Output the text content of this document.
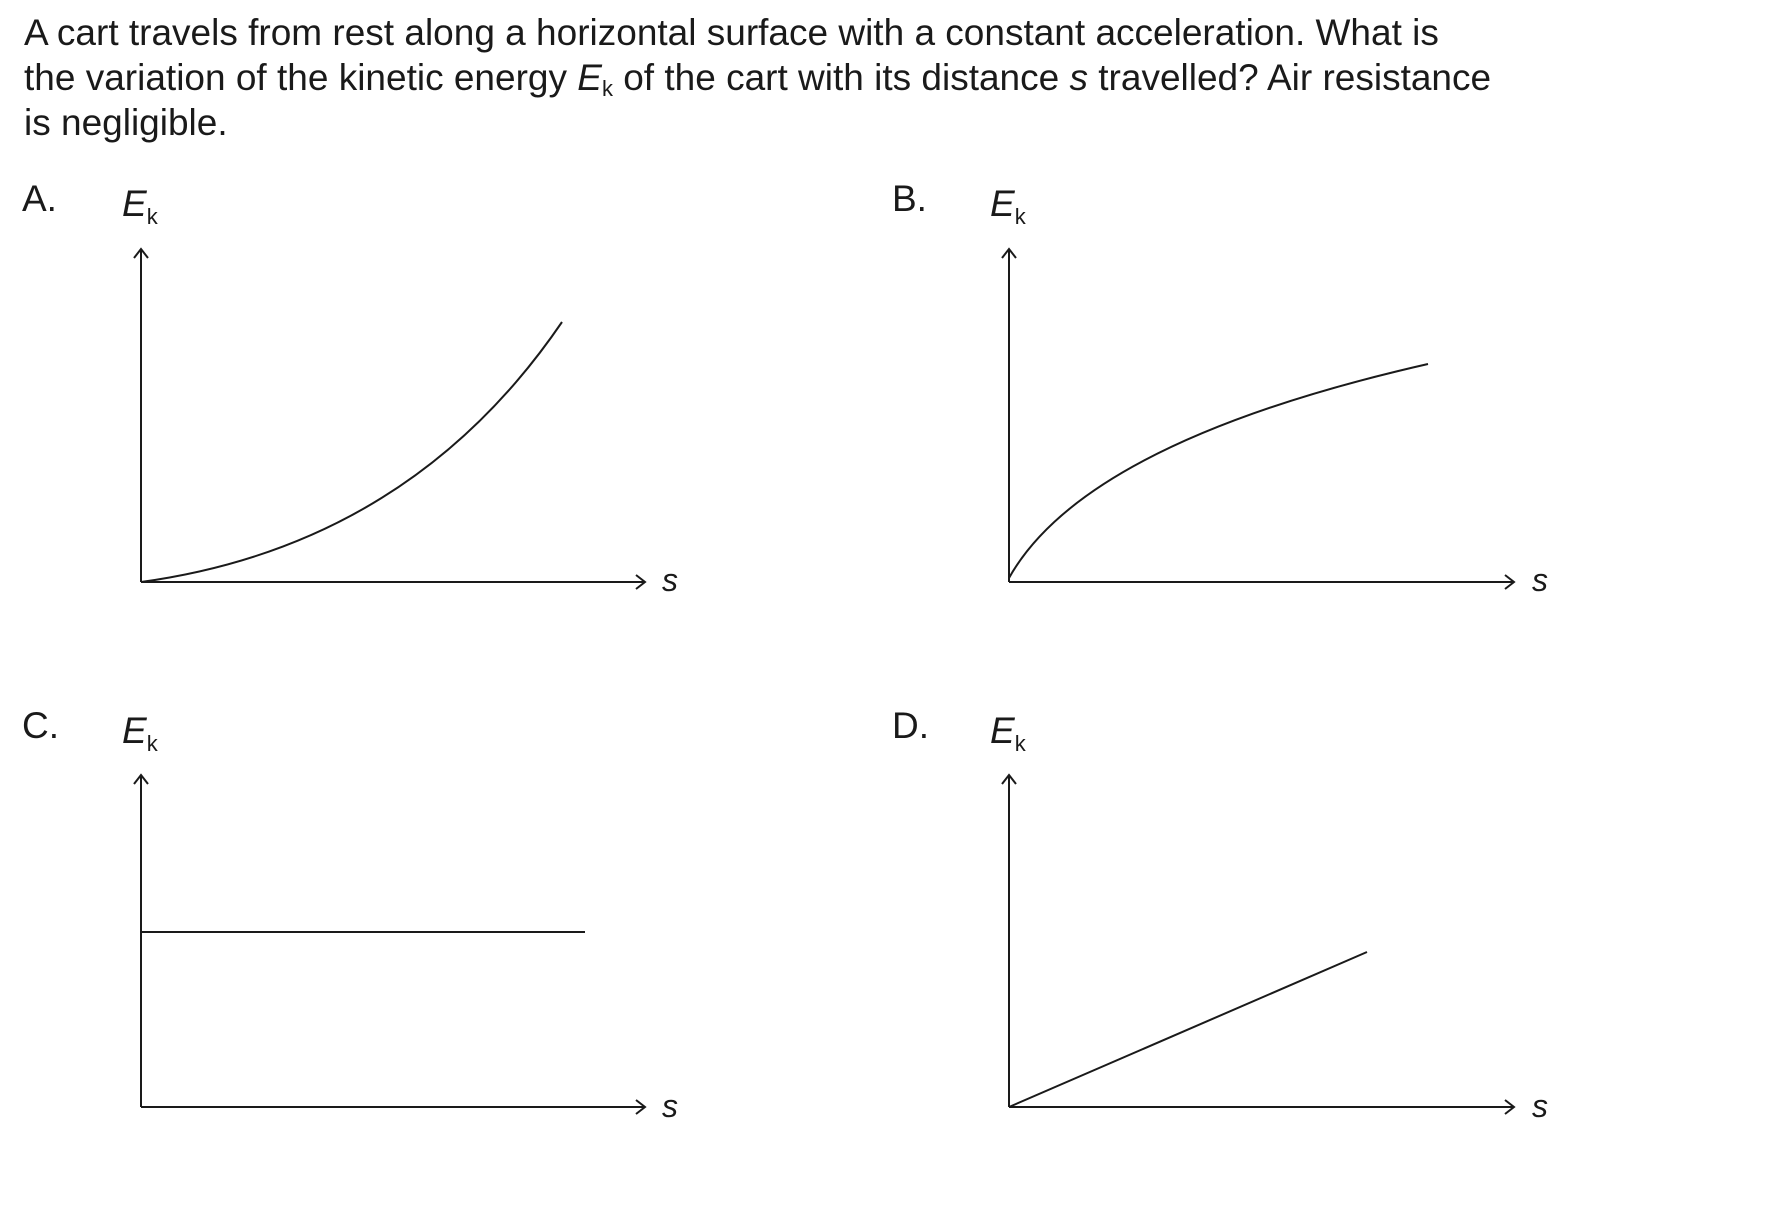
A cart travels from rest along a horizontal surface with a constant acceleration. What is
the variation of the kinetic energy $E_k$ of the cart with its distance s travelled? Air resistance
is negligible.

A. $E_k$
s
B. $E_k$
s
C. $E_k$
s
D. $E_k$
s
